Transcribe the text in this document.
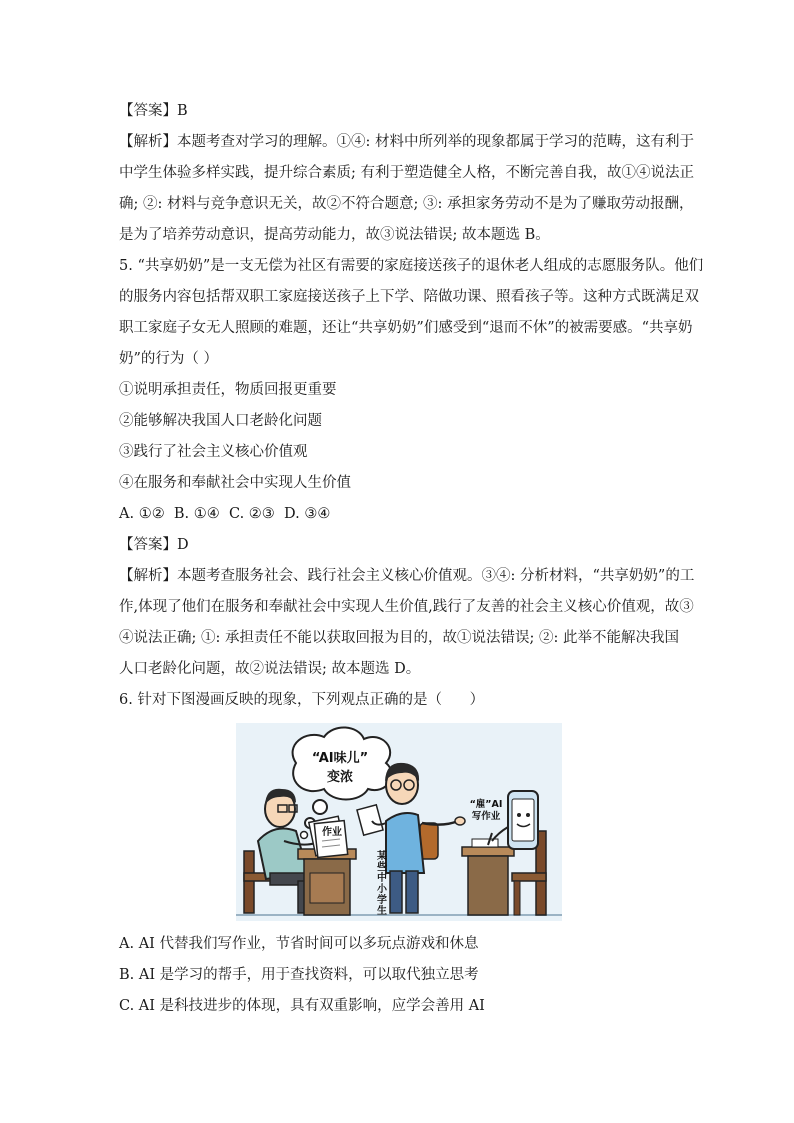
【答案】B
【解析】本题考查对学习的理解。①④: 材料中所列举的现象都属于学习的范畴，这有利于
中学生体验多样实践，提升综合素质; 有利于塑造健全人格，不断完善自我，故①④说法正
确; ②: 材料与竞争意识无关，故②不符合题意; ③: 承担家务劳动不是为了赚取劳动报酬，
是为了培养劳动意识，提高劳动能力，故③说法错误; 故本题选 B。
5. “共享奶奶”是一支无偿为社区有需要的家庭接送孩子的退休老人组成的志愿服务队。他们
的服务内容包括帮双职工家庭接送孩子上下学、陪做功课、照看孩子等。这种方式既满足双
职工家庭子女无人照顾的难题，还让“共享奶奶”们感受到“退而不休”的被需要感。“共享奶
奶”的行为（ ）
①说明承担责任，物质回报更重要
②能够解决我国人口老龄化问题
③践行了社会主义核心价值观
④在服务和奉献社会中实现人生价值
A. ①②  B. ①④  C. ②③  D. ③④
【答案】D
【解析】本题考查服务社会、践行社会主义核心价值观。③④: 分析材料，“共享奶奶”的工
作,体现了他们在服务和奉献社会中实现人生价值,践行了友善的社会主义核心价值观，故③
④说法正确; ①: 承担责任不能以获取回报为目的，故①说法错误; ②: 此举不能解决我国
人口老龄化问题，故②说法错误; 故本题选 D。
6. 针对下图漫画反映的现象，下列观点正确的是（      ）
“AI味儿”
变浓
作业
某
些
中
小
学
生
“雇”AI
写作业
A. AI 代替我们写作业，节省时间可以多玩点游戏和休息
B. AI 是学习的帮手，用于查找资料，可以取代独立思考
C. AI 是科技进步的体现，具有双重影响，应学会善用 AI
